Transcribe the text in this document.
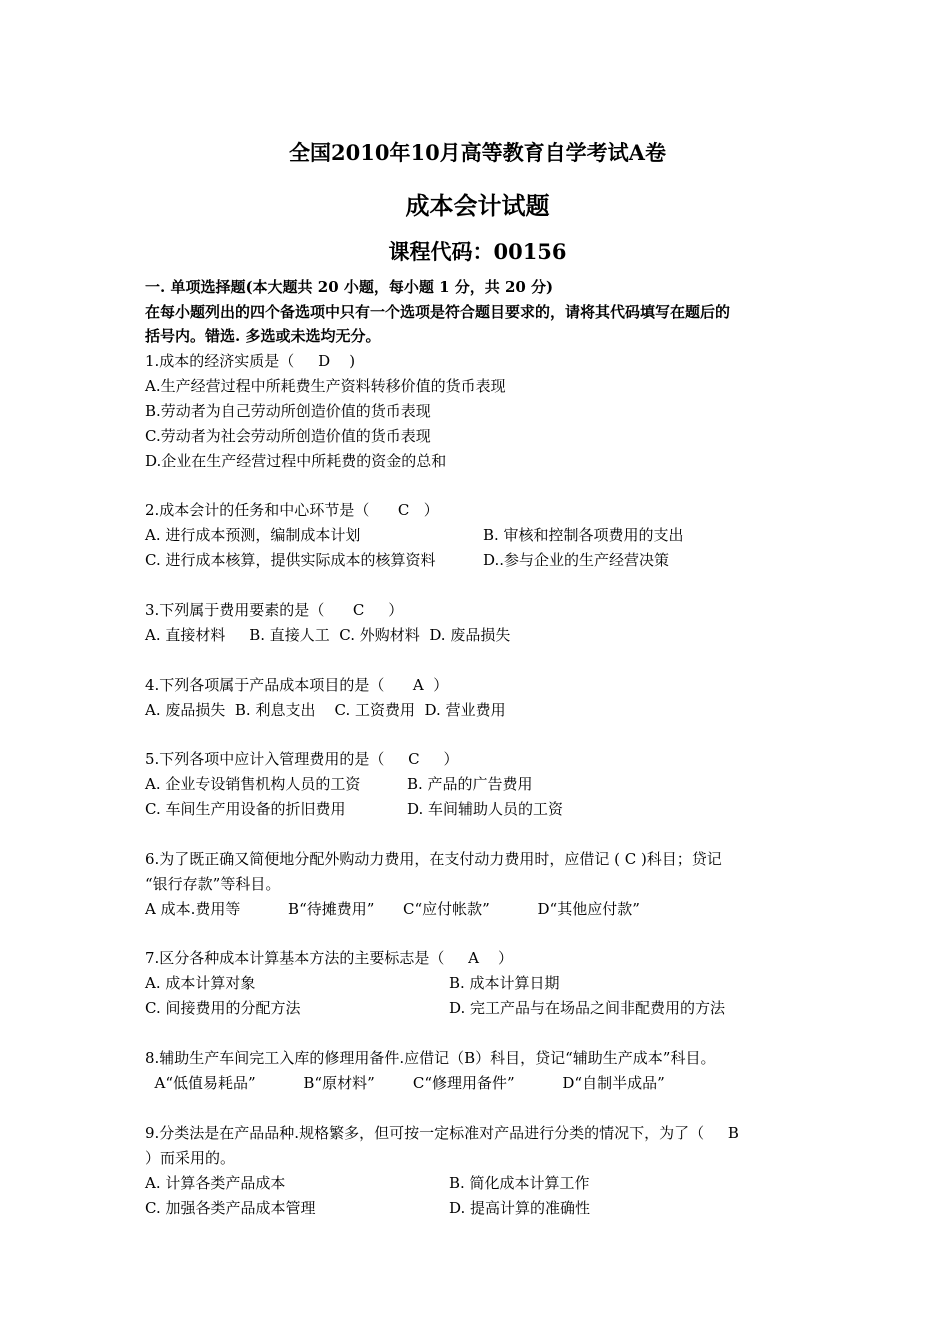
全国2010年10月高等教育自学考试A卷
成本会计试题
课程代码：00156
一. 单项选择题(本大题共 20 小题，每小题 1 分，共 20 分)
在每小题列出的四个备选项中只有一个选项是符合题目要求的，请将其代码填写在题后的
括号内。错选. 多选或未选均无分。
1.成本的经济实质是（     D    )
A.生产经营过程中所耗费生产资料转移价值的货币表现
B.劳动者为自己劳动所创造价值的货币表现
C.劳动者为社会劳动所创造价值的货币表现
D.企业在生产经营过程中所耗费的资金的总和
2.成本会计的任务和中心环节是（      C   ）
A. 进行成本预测，编制成本计划	B. 审核和控制各项费用的支出
C. 进行成本核算，提供实际成本的核算资料	D..参与企业的生产经营决策
3.下列属于费用要素的是（      C     ）
A. 直接材料     B. 直接人工  C. 外购材料  D. 废品损失
4.下列各项属于产品成本项目的是（      A  ）
A. 废品损失  B. 利息支出    C. 工资费用  D. 营业费用
5.下列各项中应计入管理费用的是（     C     ）
A. 企业专设销售机构人员的工资	B. 产品的广告费用
C. 车间生产用设备的折旧费用	D. 车间辅助人员的工资
6.为了既正确又简便地分配外购动力费用，在支付动力费用时，应借记 ( C )科目；贷记
“银行存款”等科目。
A 成本.费用等          B“待摊费用”      C“应付帐款”          D“其他应付款”
7.区分各种成本计算基本方法的主要标志是（     A    ）
A. 成本计算对象	B. 成本计算日期
C. 间接费用的分配方法	D. 完工产品与在场品之间非配费用的方法
8.辅助生产车间完工入库的修理用备件.应借记（B）科目，贷记“辅助生产成本”科目。
A“低值易耗品”          B“原材料”        C“修理用备件”          D“自制半成品”
9.分类法是在产品品种.规格繁多，但可按一定标准对产品进行分类的情况下，为了（     B
）而采用的。
A. 计算各类产品成本	B. 简化成本计算工作
C. 加强各类产品成本管理	D. 提高计算的准确性
